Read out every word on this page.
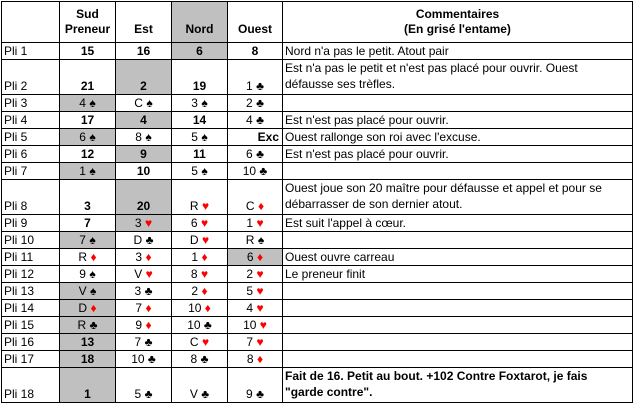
	Sud
Preneur	Est	Nord	Ouest	Commentaires
(En grisé l'entame)
Pli 1	15	16	6	8	Nord n'a pas le petit. Atout pair
Pli 2	21	2	19	1 ♣	Est n'a pas le petit et n'est pas placé pour ouvrir. Ouest défausse ses trèfles.
Pli 3	4 ♠	C ♠	3 ♠	2 ♣	
Pli 4	17	4	14	4 ♣	Est n'est pas placé pour ouvrir.
Pli 5	6 ♠	8 ♠	5 ♠	Exc	Ouest rallonge son roi avec l'excuse.
Pli 6	12	9	11	6 ♣	Est n'est pas placé pour ouvrir.
Pli 7	1 ♠	10	5 ♠	10 ♣	
Pli 8	3	20	R ♥	C ♦	Ouest joue son 20 maître pour défausse et appel et pour se débarrasser de son dernier atout.
Pli 9	7	3 ♥	6 ♥	1 ♥	Est suit l'appel à cœur.
Pli 10	7 ♠	D ♣	D ♥	R ♠	
Pli 11	R ♦	3 ♦	1 ♦	6 ♦	Ouest ouvre carreau
Pli 12	9 ♠	V ♥	8 ♥	2 ♥	Le preneur finit
Pli 13	V ♠	3 ♣	2 ♦	5 ♥	
Pli 14	D ♦	7 ♦	10 ♦	4 ♥	
Pli 15	R ♣	9 ♦	10 ♣	10 ♥	
Pli 16	13	7 ♣	C ♥	7 ♥	
Pli 17	18	10 ♣	8 ♣	8 ♦	
Pli 18	1	5 ♣	V ♣	9 ♣	Fait de 16. Petit au bout. +102 Contre Foxtarot, je fais "garde contre".
